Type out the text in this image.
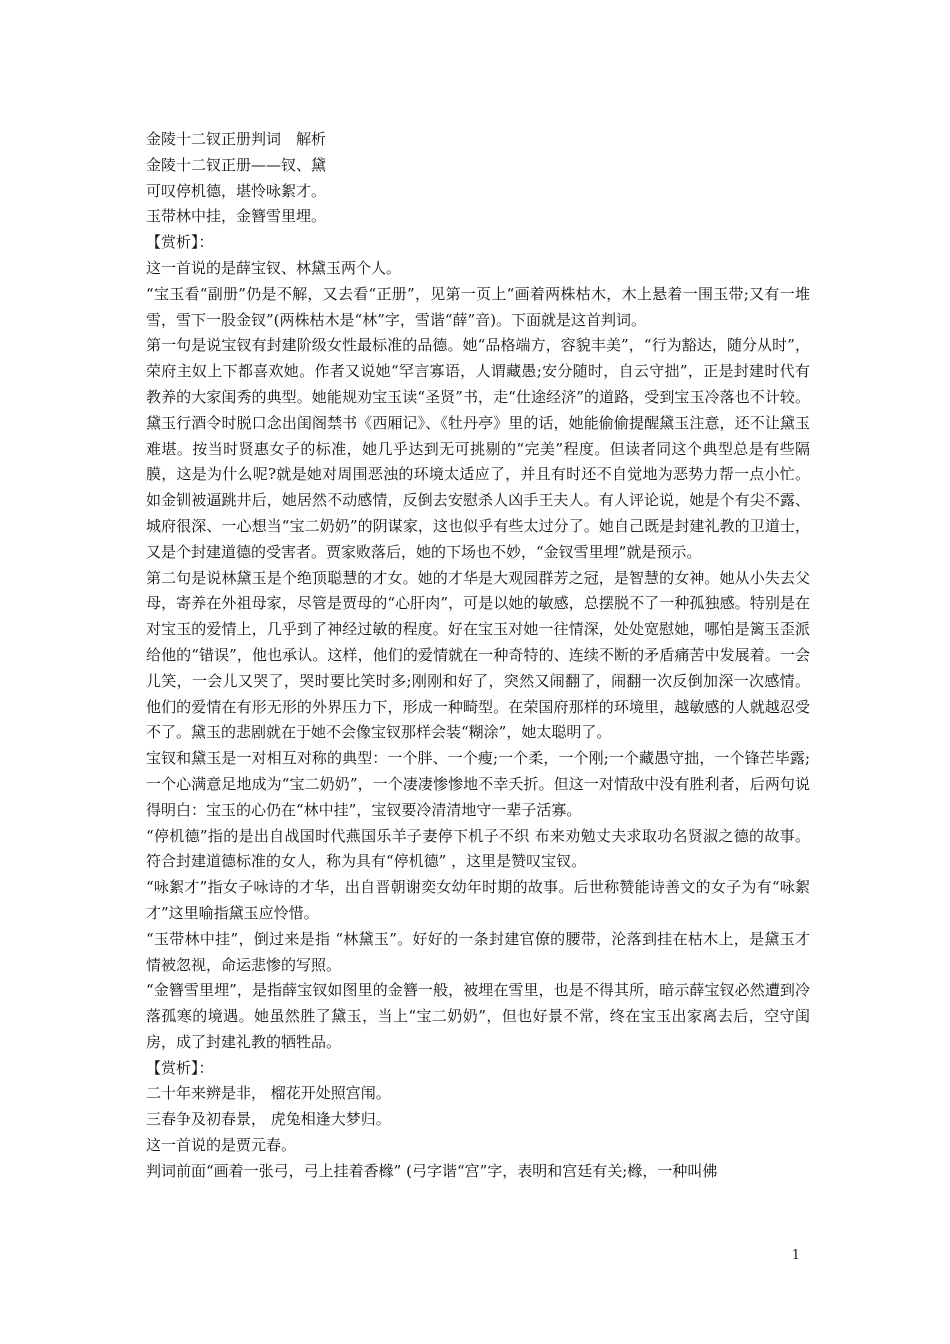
金陵十二钗正册判词　解析

金陵十二钗正册——钗、黛

可叹停机德，堪怜咏絮才。

玉带林中挂，金簪雪里埋。

【赏析】：

这一首说的是薛宝钗、林黛玉两个人。

“宝玉看“副册”仍是不解，又去看“正册”，见第一页上“画着两株枯木，木上悬着一围玉带;又有一堆雪，雪下一股金钗”(两株枯木是“林”字，雪谐“薛”音)。下面就是这首判词。

第一句是说宝钗有封建阶级女性最标准的品德。她“品格端方，容貌丰美”，“行为豁达，随分从时”，荣府主奴上下都喜欢她。作者又说她“罕言寡语，人谓藏愚;安分随时，自云守拙”，正是封建时代有教养的大家闺秀的典型。她能规劝宝玉读“圣贤”书，走“仕途经济”的道路，受到宝玉冷落也不计较。黛玉行酒令时脱口念出闺阁禁书《西厢记》、《牡丹亭》里的话，她能偷偷提醒黛玉注意，还不让黛玉难堪。按当时贤惠女子的标准，她几乎达到无可挑剔的“完美”程度。但读者同这个典型总是有些隔膜，这是为什么呢?就是她对周围恶浊的环境太适应了，并且有时还不自觉地为恶势力帮一点小忙。如金钏被逼跳井后，她居然不动感情，反倒去安慰杀人凶手王夫人。有人评论说，她是个有尖不露、城府很深、一心想当“宝二奶奶”的阴谋家，这也似乎有些太过分了。她自己既是封建礼教的卫道士，又是个封建道德的受害者。贾家败落后，她的下场也不妙，“金钗雪里埋”就是预示。

第二句是说林黛玉是个绝顶聪慧的才女。她的才华是大观园群芳之冠，是智慧的女神。她从小失去父母，寄养在外祖母家，尽管是贾母的“心肝肉”，可是以她的敏感，总摆脱不了一种孤独感。特别是在对宝玉的爱情上，几乎到了神经过敏的程度。好在宝玉对她一往情深，处处宽慰她，哪怕是篱玉歪派给他的“错误”，他也承认。这样，他们的爱情就在一种奇特的、连续不断的矛盾痛苦中发展着。一会儿笑，一会儿又哭了，哭时要比笑时多;刚刚和好了，突然又闹翻了，闹翻一次反倒加深一次感情。他们的爱情在有形无形的外界压力下，形成一种畸型。在荣国府那样的环境里，越敏感的人就越忍受不了。黛玉的悲剧就在于她不会像宝钗那样会装“糊涂”，她太聪明了。

宝钗和黛玉是一对相互对称的典型：一个胖、一个瘦;一个柔，一个刚;一个藏愚守拙，一个锋芒毕露;一个心满意足地成为“宝二奶奶”，一个凄凄惨惨地不幸夭折。但这一对情敌中没有胜利者，后两句说得明白：宝玉的心仍在“林中挂”，宝钗要冷清清地守一辈子活寡。

“停机德”指的是出自战国时代燕国乐羊子妻停下机子不织 布来劝勉丈夫求取功名贤淑之德的故事。符合封建道德标准的女人，称为具有“停机德” ，这里是赞叹宝钗。

“咏絮才”指女子咏诗的才华，出自晋朝谢奕女幼年时期的故事。后世称赞能诗善文的女子为有“咏絮才”这里喻指黛玉应怜惜。

“玉带林中挂”，倒过来是指 “林黛玉”。好好的一条封建官僚的腰带，沦落到挂在枯木上，是黛玉才情被忽视，命运悲惨的写照。

“金簪雪里埋”，是指薛宝钗如图里的金簪一般，被埋在雪里，也是不得其所，暗示薛宝钗必然遭到冷落孤寒的境遇。她虽然胜了黛玉，当上“宝二奶奶”，但也好景不常，终在宝玉出家离去后，空守闺房，成了封建礼教的牺牲品。

【赏析】：

二十年来辨是非， 榴花开处照宫闱。

三春争及初春景， 虎兔相逢大梦归。

这一首说的是贾元春。

判词前面“画着一张弓，弓上挂着香橼” (弓字谐“宫”字，表明和宫廷有关;橼，一种叫佛

1
